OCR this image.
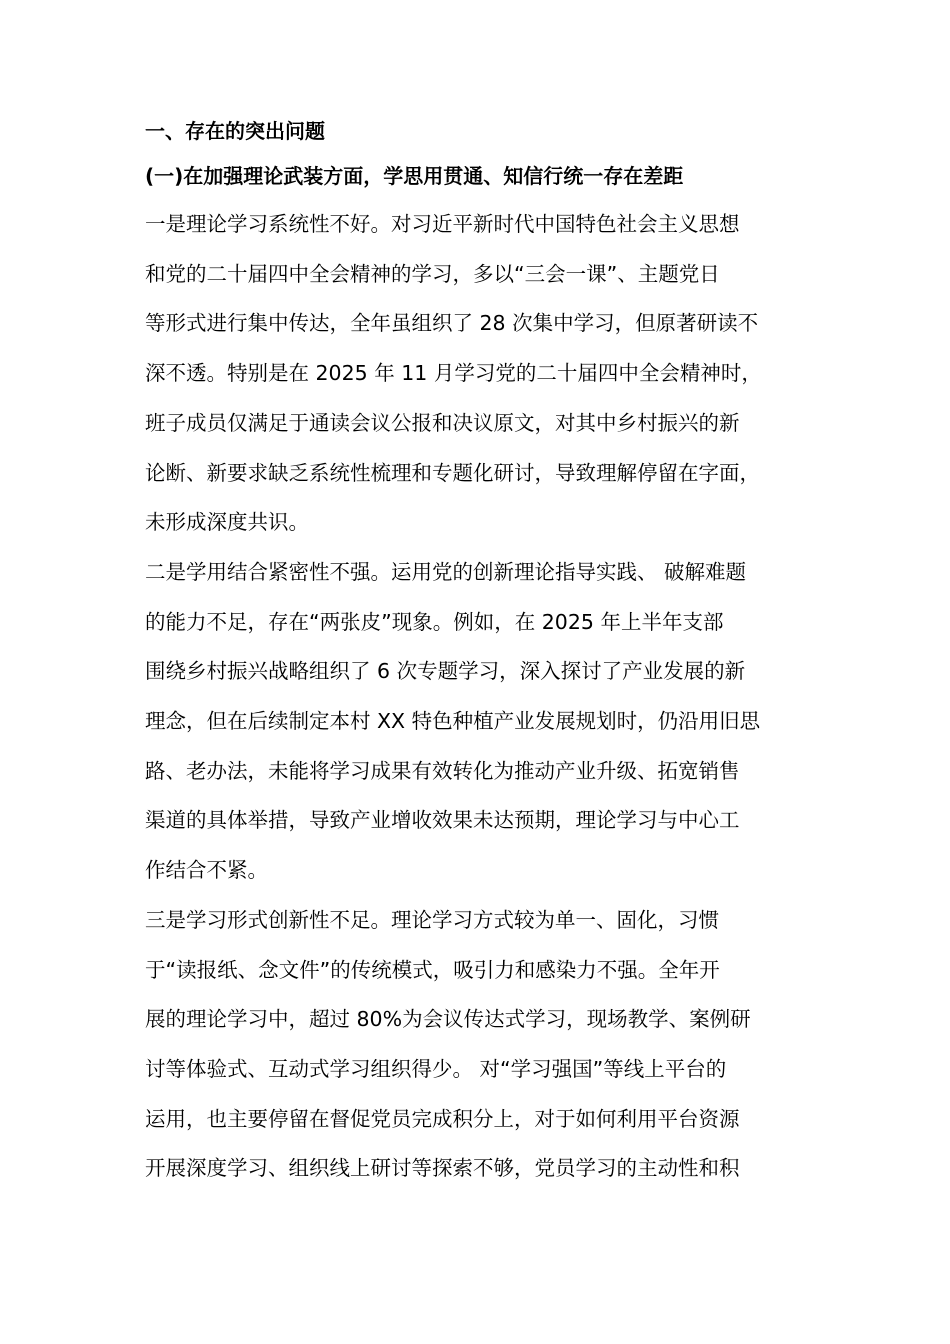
一、存在的突出问题
(一)在加强理论武装方面，学思用贯通、知信行统一存在差距
一是理论学习系统性不好。对习近平新时代中国特色社会主义思想
和党的二十届四中全会精神的学习，多以“三会一课”、主题党日
等形式进行集中传达，全年虽组织了 28 次集中学习，但原著研读不
深不透。特别是在 2025 年 11 月学习党的二十届四中全会精神时，
班子成员仅满足于通读会议公报和决议原文，对其中乡村振兴的新
论断、新要求缺乏系统性梳理和专题化研讨，导致理解停留在字面，
未形成深度共识。
二是学用结合紧密性不强。运用党的创新理论指导实践、 破解难题
的能力不足，存在“两张皮”现象。例如，在 2025 年上半年支部
围绕乡村振兴战略组织了 6 次专题学习，深入探讨了产业发展的新
理念，但在后续制定本村 XX 特色种植产业发展规划时，仍沿用旧思
路、老办法，未能将学习成果有效转化为推动产业升级、拓宽销售
渠道的具体举措，导致产业增收效果未达预期，理论学习与中心工
作结合不紧。
三是学习形式创新性不足。理论学习方式较为单一、固化，习惯
于“读报纸、念文件”的传统模式，吸引力和感染力不强。全年开
展的理论学习中，超过 80%为会议传达式学习，现场教学、案例研
讨等体验式、互动式学习组织得少。 对“学习强国”等线上平台的
运用，也主要停留在督促党员完成积分上，对于如何利用平台资源
开展深度学习、组织线上研讨等探索不够，党员学习的主动性和积
